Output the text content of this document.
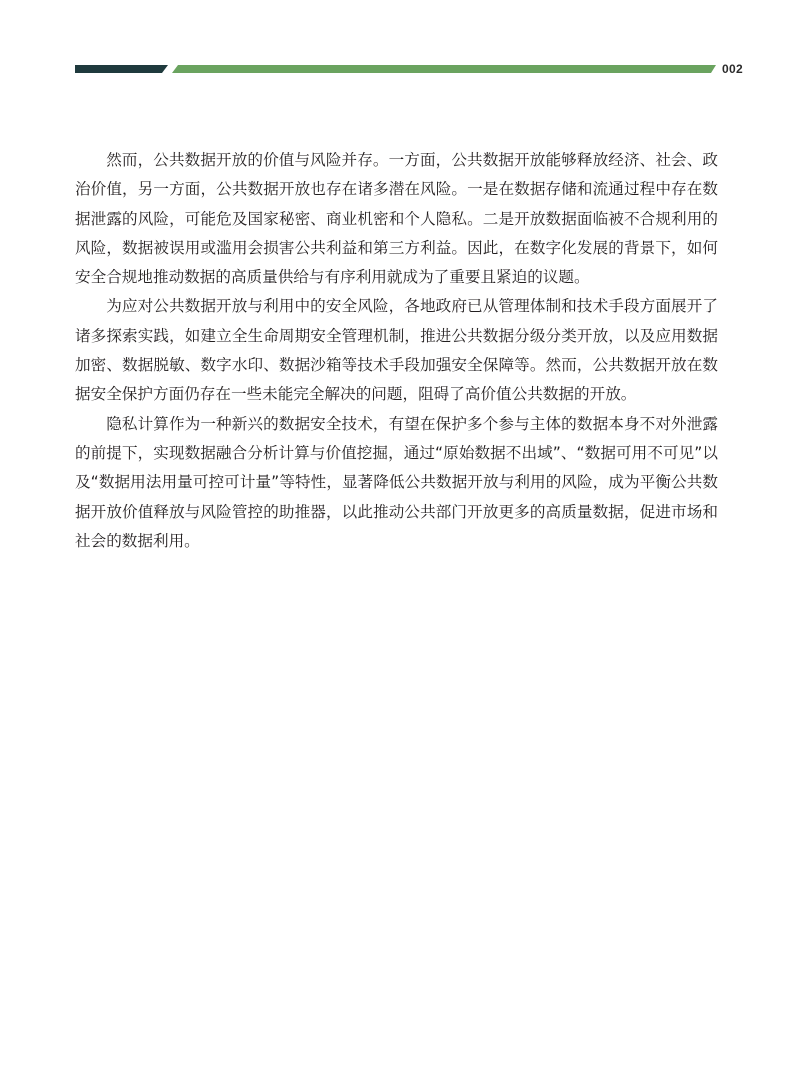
002

然而，公共数据开放的价值与风险并存。一方面，公共数据开放能够释放经济、社会、政治价值，另一方面，公共数据开放也存在诸多潜在风险。一是在数据存储和流通过程中存在数据泄露的风险，可能危及国家秘密、商业机密和个人隐私。二是开放数据面临被不合规利用的风险，数据被误用或滥用会损害公共利益和第三方利益。因此，在数字化发展的背景下，如何安全合规地推动数据的高质量供给与有序利用就成为了重要且紧迫的议题。

为应对公共数据开放与利用中的安全风险，各地政府已从管理体制和技术手段方面展开了诸多探索实践，如建立全生命周期安全管理机制，推进公共数据分级分类开放，以及应用数据加密、数据脱敏、数字水印、数据沙箱等技术手段加强安全保障等。然而，公共数据开放在数据安全保护方面仍存在一些未能完全解决的问题，阻碍了高价值公共数据的开放。

隐私计算作为一种新兴的数据安全技术，有望在保护多个参与主体的数据本身不对外泄露的前提下，实现数据融合分析计算与价值挖掘，通过“原始数据不出域”、“数据可用不可见”以及“数据用法用量可控可计量”等特性，显著降低公共数据开放与利用的风险，成为平衡公共数据开放价值释放与风险管控的助推器，以此推动公共部门开放更多的高质量数据，促进市场和社会的数据利用。
